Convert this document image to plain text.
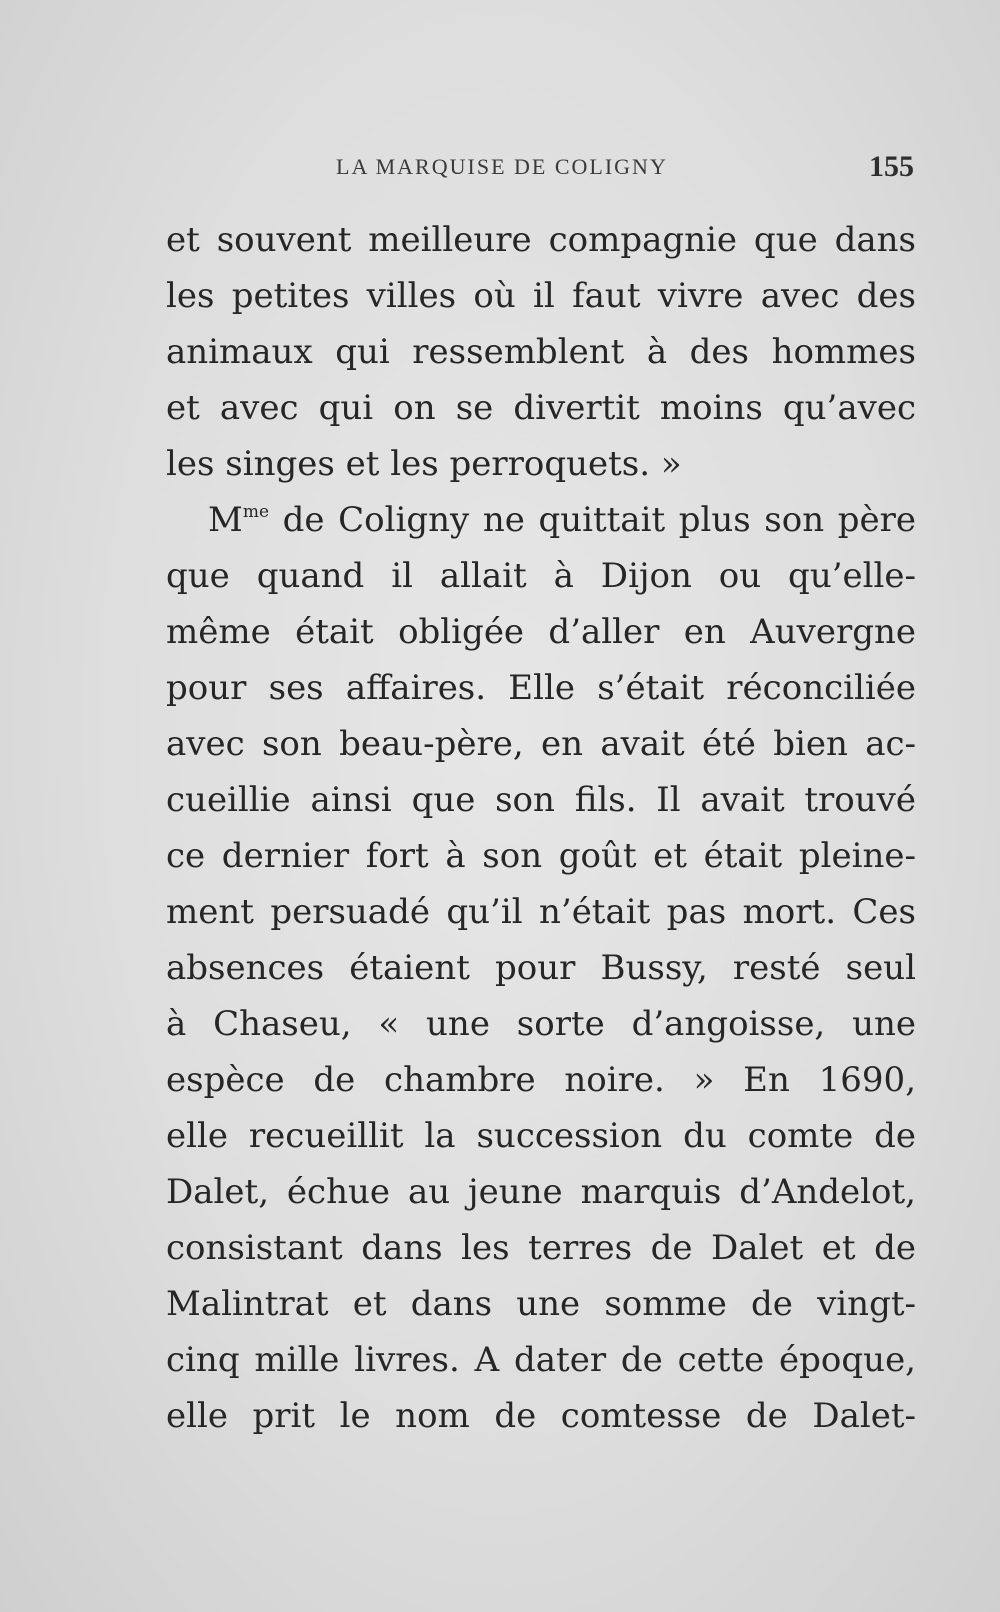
LA MARQUISE DE COLIGNY	155
et souvent meilleure compagnie que dans
les petites villes où il faut vivre avec des
animaux qui ressemblent à des hommes
et avec qui on se divertit moins qu’avec
les singes et les perroquets. »
$M^{me}$ de Coligny ne quittait plus son père
que quand il allait à Dijon ou qu’elle-
même était obligée d’aller en Auvergne
pour ses affaires. Elle s’était réconciliée
avec son beau-père, en avait été bien ac-
cueillie ainsi que son fils. Il avait trouvé
ce dernier fort à son goût et était pleine-
ment persuadé qu’il n’était pas mort. Ces
absences étaient pour Bussy, resté seul
à Chaseu, « une sorte d’angoisse, une
espèce de chambre noire. » En 1690,
elle recueillit la succession du comte de
Dalet, échue au jeune marquis d’Andelot,
consistant dans les terres de Dalet et de
Malintrat et dans une somme de vingt-
cinq mille livres. A dater de cette époque,
elle prit le nom de comtesse de Dalet-
